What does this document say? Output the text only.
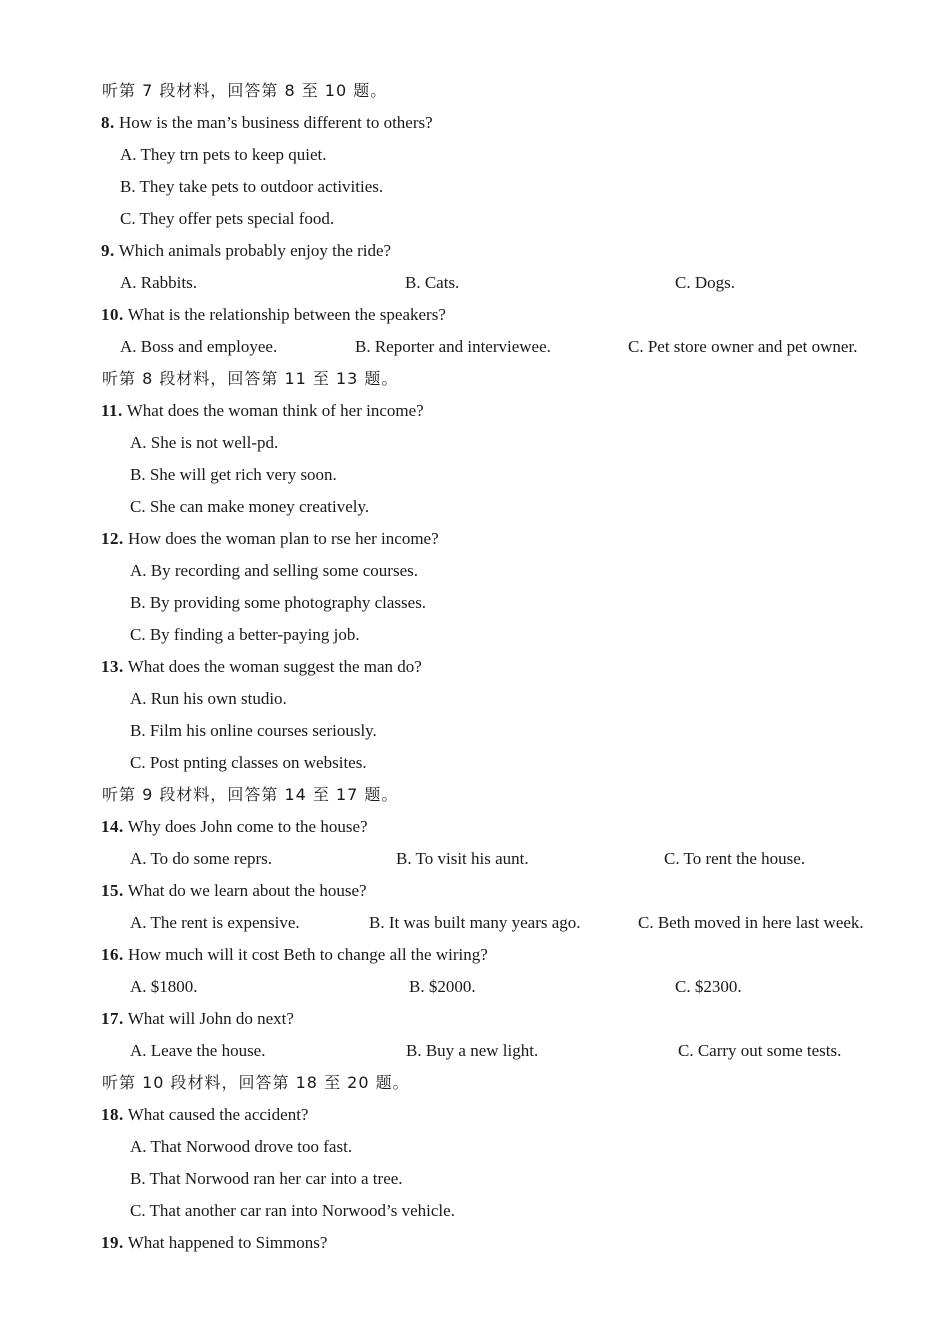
听第 7 段材料，回答第 8 至 10 题。
8. How is the man’s business different to others?
A. They trn pets to keep quiet.
B. They take pets to outdoor activities.
C. They offer pets special food.
9. Which animals probably enjoy the ride?
A. Rabbits.	B. Cats.	C. Dogs.
10. What is the relationship between the speakers?
A. Boss and employee.	B. Reporter and interviewee.	C. Pet store owner and pet owner.
听第 8 段材料，回答第 11 至 13 题。
11. What does the woman think of her income?
A. She is not well-pd.
B. She will get rich very soon.
C. She can make money creatively.
12. How does the woman plan to rse her income?
A. By recording and selling some courses.
B. By providing some photography classes.
C. By finding a better-paying job.
13. What does the woman suggest the man do?
A. Run his own studio.
B. Film his online courses seriously.
C. Post pnting classes on websites.
听第 9 段材料，回答第 14 至 17 题。
14. Why does John come to the house?
A. To do some reprs.	B. To visit his aunt.	C. To rent the house.
15. What do we learn about the house?
A. The rent is expensive.	B. It was built many years ago.	C. Beth moved in here last week.
16. How much will it cost Beth to change all the wiring?
A. $1800.	B. $2000.	C. $2300.
17. What will John do next?
A. Leave the house.	B. Buy a new light.	C. Carry out some tests.
听第 10 段材料，回答第 18 至 20 题。
18. What caused the accident?
A. That Norwood drove too fast.
B. That Norwood ran her car into a tree.
C. That another car ran into Norwood’s vehicle.
19. What happened to Simmons?
